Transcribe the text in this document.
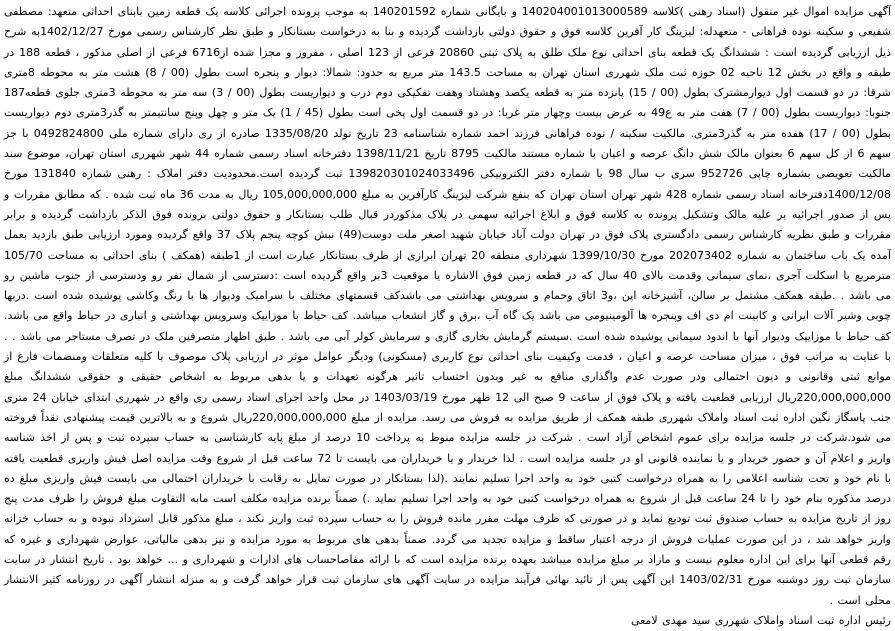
آگهی مزایده اموال غیر منقول (اسناد رهنی )کلاسه 140204001013000589 و بایگانی شماره 140201592 به موجب پرونده اجرائی کلاسه یک قطعه زمین بابنای احداثی متعهد: مصطفی شفیعی و سکینه نوده فراهانی - متعهدله: لیزینگ کار آفرین کلاسه فوق و حقوق دولتی بازداشت گردیده و بنا به درخواست بستانکار و طبق نظر کارشناس رسمی مورخ 1402/12/27به شرح ذیل ارزیابی گردیده است : ششدانگ یک قطعه بنای احداثی نوع ملک طلق به پلاک ثبتی 20860 فرعی از 123 اصلی ، مفروز و مجزا شده از6716 فرعی از اصلی مذکور ، قطعه 188 در طبقه و واقع در بخش 12 ناحیه 02 حوزه ثبت ملک شهرری استان تهران به مساحت 143.5 متر مربع به حدود: شمالا: دیوار و پنجره است بطول (00 / 8) هشت متر به محوطه 8متری شرقا: در دو قسمت اول دیوارمشترک بطول (00 / 15) پانزده متر به قطعه یکصد وهشتاد وهفت تفکیکی دوم درب و دیواریست بطول (00 / 3) سه متر به محوطه 3متری جلوی قطعه187 جنوبا: دیواریست بطول (00 / 7) هفت متر به ع49 به عرض بیست وچهار متر غربا: در دو قسمت اول پخی است بطول (45 / 1) یک متر و چهل وپنج سانتیمتر به گذر3متری دوم دیواریست بطول (00 / 17) هفده متر به گذر3متری. مالکیت سکینه / نوده فراهانی فرزند احمد شماره شناسنامه 23 تاریخ تولد 1335/08/20 صادره از ری دارای شماره ملی 0492824800 با جز سهم 6 از کل سهم 6 بعنوان مالک شش دانگ عرصه و اعیان با شماره مستند مالکیت 8795 تاریخ 1398/11/21 دفترخانه اسناد رسمی شماره 44 شهر شهرری استان تهران، موضوع سند مالکیت تعویضی بشماره چاپی 952726 سری ب سال 98 با شماره دفتر الکترونیکی 139820301024033496 ثبت گردیده است.محدودیت دفتر املاک : رهنی شماره 131840 مورخ 1400/12/08دفترخانه اسناد رسمی شماره 428 شهر تهران استان تهران که بنفع شرکت لیزینگ کارآفرین به مبلغ 105,000,000,000 ریال به مدت 36 ماه ثبت شده . که مطابق مقررات و پس از صدور اجرائیه بر علیه مالک وتشکیل پرونده به کلاسه فوق و ابلاغ اجرائیه سهمی در پلاک مذکوردر قبال طلب بستانکار و حقوق دولتی برونده فوق الذکر بازداشت گردیده و برابر مقررات و طبق نظریه کارشناس رسمی دادگستری پلاک فوق در تهران دولت آباد خیابان شهید اصغر ملت دوست(49) نبش کوچه پنجم پلاک 37 واقع گردیده ومورد ارزیابی طبق بازدید بعمل آمده یک باب ساختمان به شماره 202073402 مورخ 1399/10/30 شهرداری منطقه 20 تهران ابرازی از طرف بستانکار عبارت است از 1طبقه (همکف ) بنای احداثی به مساحت 105/70 مترمربع با اسکلت آجری ،نمای سیمانی وقدمت بالای 40 سال که در قطعه زمین فوق الاشاره یا موقعیت 3بر واقع گردیده است :دسترسی از شمال نفر رو ودسترسی از جنوب ماشین رو می باشد . .طبقه همکف مشتمل بر سالن، آشپزخانه اپن ،و3 اتاق وحمام و سرویس بهداشتی می باشدکف قسمتهای مختلف با سرامیک ودیوار ها با رنگ وکاشی پوشیده شده است .دربها چوبی وشیر آلات ایرانی و کابینت ام دی اف وپنجره ها آلومینیومی می باشد یک گاه آب ،برق و گاز انشعاب میباشد. کف حیاط با موزاییک وسرویس بهداشتی و انباری در حیاط واقع می باشد. کف حیاط با موزاییک ودیوار آنها با اندود سیمانی پوشیده شده است .سیستم گرمایش بخاری گازی و سرمایش کولر آبی می باشد . طبق اظهار متصرفین ملک در تصرف مستاجر می باشد . . با عنایت به مراتب فوق ، میزان مساحت عرصه و اعیان ، قدمت وکیفیت بنای احداثی نوع کاربری (مسکونی) ودیگر عوامل موثر در ارزیابی پلاک موصوف با کلیه متعلقات ومنضمات فارغ از موانع ثبتی وقانونی و دیون احتمالی ودر صورت عدم واگذاری منافع به غیر وبدون احتساب تاثیر هرگونه تعهدات و یا بدهی مربوط به اشخاص حقیقی و حقوقی ششدانگ مبلغ 220,000,000,000ریال ارزیابی قطعیت یافته و پلاک فوق از ساعت 9 صبح الی 12 ظهر مورخ 1403/03/19 در محل واحد اجرای اسناد رسمی ری واقع در شهرری ابتدای خیابان 24 متری جنب پاسگاز نگین اداره ثبت اسناد واملاک شهرری طبقه همکف از طریق مزایده به فروش می رسد. مزایده از مبلغ 220,000,000,000ریال شروع و به بالاترین قیمت پیشنهادی نقداً فروخته می شود.شرکت در جلسه مزایده برای عموم اشخاص آزاد است . شرکت در جلسه مزایده منوط به پرداخت 10 درصد از مبلغ پایه کارشناسی به حساب سپرده ثبت و پس از اخذ شناسه واریز و اعلام آن و حضور خریدار و یا نماینده قانونی او در جلسه مزایده است . لذا خریدار و یا خریداران می بایست تا 72 ساعت قبل از شروع وقت مزایده اصل فیش واریزی قطعیت یافته با نام خود و تحت شناسه اعلامی را به همراه درخواست کتبی خود به واحد اجرا تسلیم نمایند .(لذا بستانکار در صورت تمایل به رقابت با خریداران احتمالی می بایست فیش واریزی مبلغ ده درصد مذکوره بنام خود را تا 24 ساعت قبل از شروع به همراه درخواست کتبی خود به واحد اجرا تسلیم نماید .) ضمناً برنده مزایده مکلف است مابه التفاوت مبلغ فروش را ظرف مدت پنج روز از تاریخ مزایده به حساب صندوق ثبت تودیع نماید و در صورتی که ظرف مهلت مقرر مانده فروش را به حساب سپرده ثبت واریز نکند ، مبلغ مذکور قابل استرداد نبوده و به حساب خزانه واریز خواهد شد ، در این صورت عملیات فروش از درجه اعتبار ساقط و مزایده تجدید می گردد. ضمناً بدهی های مربوط به مورد مزایده و نیز بدهی مالیاتی، عوارض شهرداری و غیره که رقم قطعی آنها برای این اداره معلوم نیست و مازاد بر مبلغ مزایده میباشد بعهده برنده مزایده است که با ارائه مفاصاحساب های ادارات و شهرداری و ... خواهد بود . تاریخ انتشار در سایت سازمان ثبت روز دوشنبه مورخ 1403/02/31 این آگهی پس از تائید نهائی فرآیند مزایده در سایت آگهی های سازمان ثبت قرار خواهد گرفت و به منزله انتشار آگهی در روزنامه کثیر الانتشار محلی است .

رئیس اداره ثبت اسناد واملاک شهرری سید مهدی لامعی
